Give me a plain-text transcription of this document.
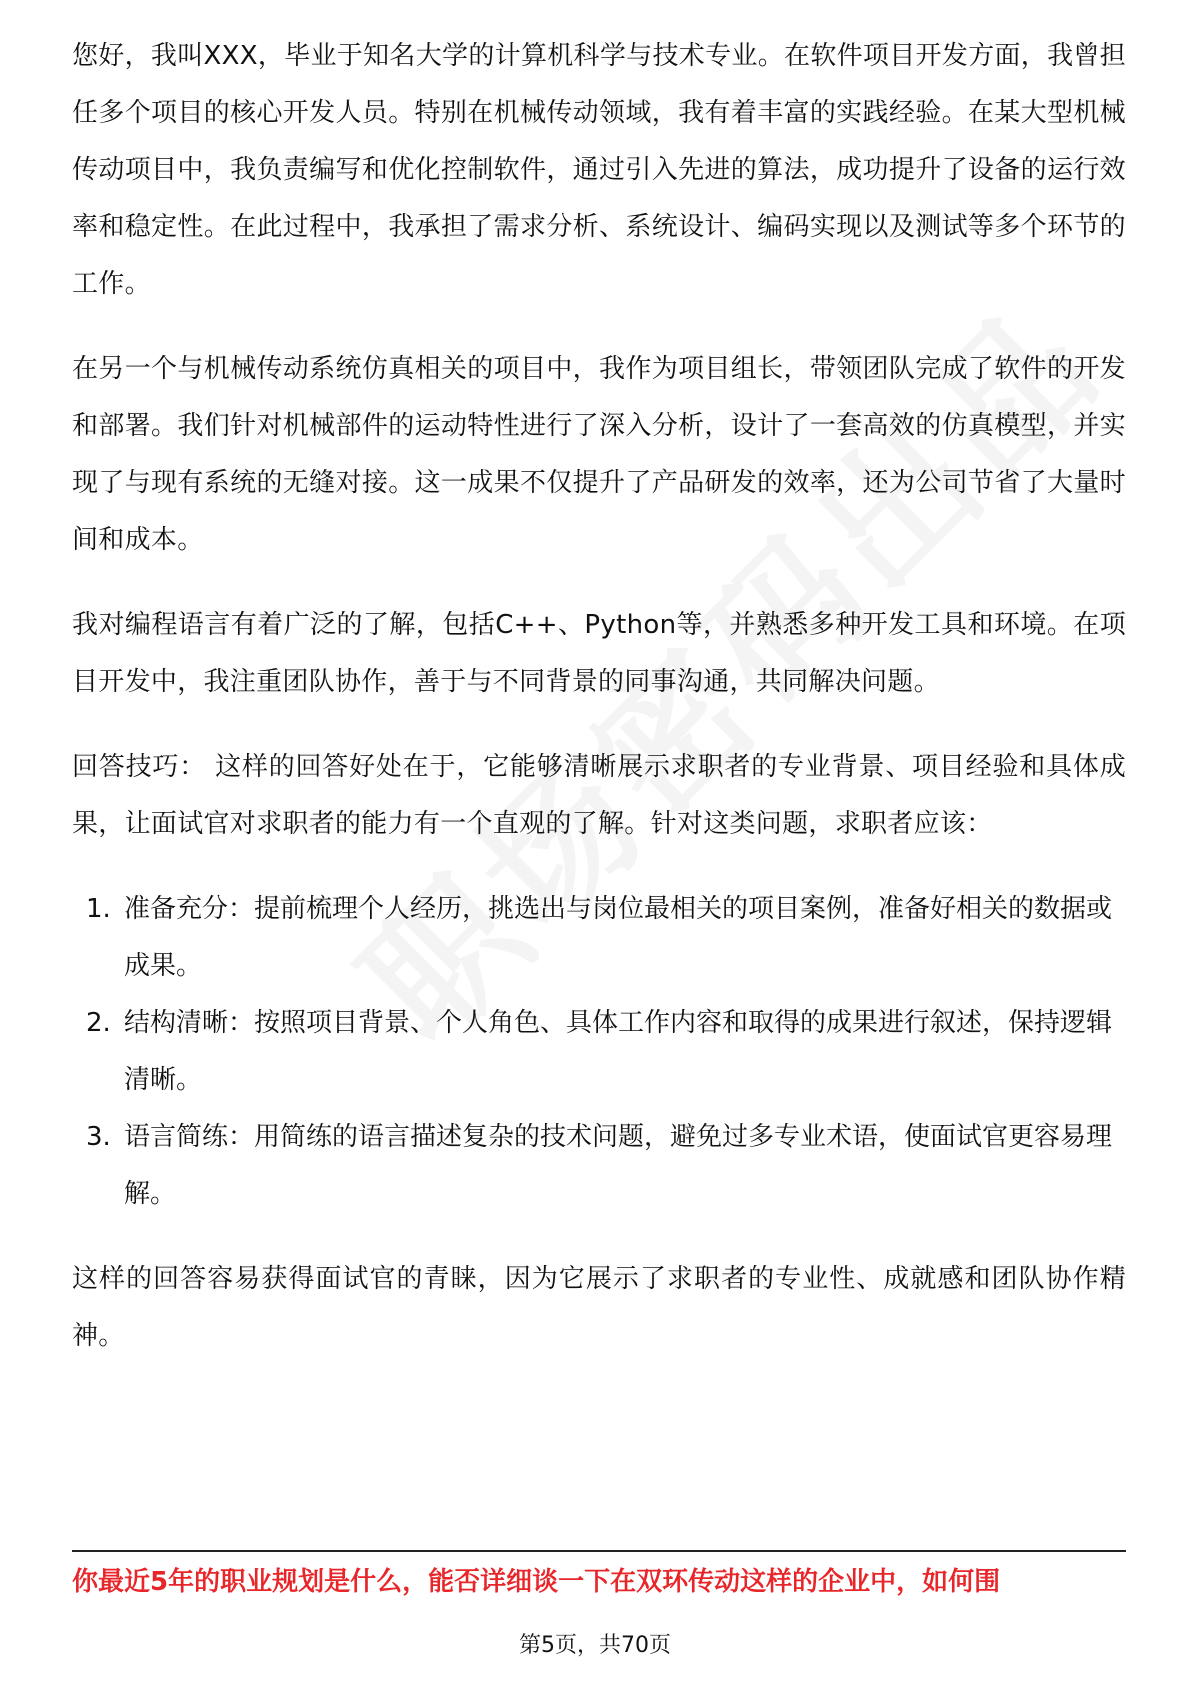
您好，我叫XXX，毕业于知名大学的计算机科学与技术专业。在软件项目开发方面，我曾担任多个项目的核心开发人员。特别在机械传动领域，我有着丰富的实践经验。在某大型机械传动项目中，我负责编写和优化控制软件，通过引入先进的算法，成功提升了设备的运行效率和稳定性。在此过程中，我承担了需求分析、系统设计、编码实现以及测试等多个环节的工作。

在另一个与机械传动系统仿真相关的项目中，我作为项目组长，带领团队完成了软件的开发和部署。我们针对机械部件的运动特性进行了深入分析，设计了一套高效的仿真模型，并实现了与现有系统的无缝对接。这一成果不仅提升了产品研发的效率，还为公司节省了大量时间和成本。

我对编程语言有着广泛的了解，包括C++、Python等，并熟悉多种开发工具和环境。在项目开发中，我注重团队协作，善于与不同背景的同事沟通，共同解决问题。

回答技巧： 这样的回答好处在于，它能够清晰展示求职者的专业背景、项目经验和具体成果，让面试官对求职者的能力有一个直观的了解。针对这类问题，求职者应该：

1. 准备充分：提前梳理个人经历，挑选出与岗位最相关的项目案例，准备好相关的数据或成果。
2. 结构清晰：按照项目背景、个人角色、具体工作内容和取得的成果进行叙述，保持逻辑清晰。
3. 语言简练：用简练的语言描述复杂的技术问题，避免过多专业术语，使面试官更容易理解。

这样的回答容易获得面试官的青睐，因为它展示了求职者的专业性、成就感和团队协作精神。

你最近5年的职业规划是什么，能否详细谈一下在双环传动这样的企业中，如何围
第5页，共70页
